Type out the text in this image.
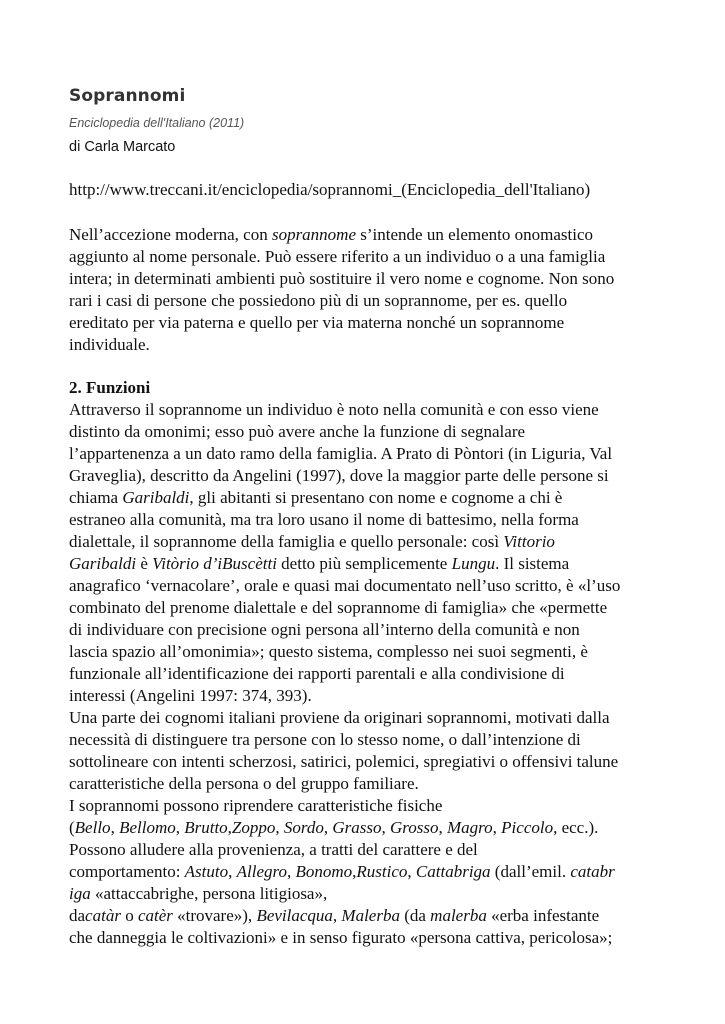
Soprannomi
Enciclopedia dell'Italiano (2011)
di Carla Marcato
http://www.treccani.it/enciclopedia/soprannomi_(Enciclopedia_dell'Italiano)
Nell’accezione moderna, con soprannome s’intende un elemento onomastico
aggiunto al nome personale. Può essere riferito a un individuo o a una famiglia
intera; in determinati ambienti può sostituire il vero nome e cognome. Non sono
rari i casi di persone che possiedono più di un soprannome, per es. quello
ereditato per via paterna e quello per via materna nonché un soprannome
individuale.
2. Funzioni
Attraverso il soprannome un individuo è noto nella comunità e con esso viene
distinto da omonimi; esso può avere anche la funzione di segnalare
l’appartenenza a un dato ramo della famiglia. A Prato di Pòntori (in Liguria, Val
Graveglia), descritto da Angelini (1997), dove la maggior parte delle persone si
chiama Garibaldi, gli abitanti si presentano con nome e cognome a chi è
estraneo alla comunità, ma tra loro usano il nome di battesimo, nella forma
dialettale, il soprannome della famiglia e quello personale: così Vittorio
Garibaldi è Vitòrio d’iBuscètti detto più semplicemente Lungu. Il sistema
anagrafico ‘vernacolare’, orale e quasi mai documentato nell’uso scritto, è «l’uso
combinato del prenome dialettale e del soprannome di famiglia» che «permette
di individuare con precisione ogni persona all’interno della comunità e non
lascia spazio all’omonimia»; questo sistema, complesso nei suoi segmenti, è
funzionale all’identificazione dei rapporti parentali e alla condivisione di
interessi (Angelini 1997: 374, 393).
Una parte dei cognomi italiani proviene da originari soprannomi, motivati dalla
necessità di distinguere tra persone con lo stesso nome, o dall’intenzione di
sottolineare con intenti scherzosi, satirici, polemici, spregiativi o offensivi talune
caratteristiche della persona o del gruppo familiare.
I soprannomi possono riprendere caratteristiche fisiche
(Bello, Bellomo, Brutto,Zoppo, Sordo, Grasso, Grosso, Magro, Piccolo, ecc.).
Possono alludere alla provenienza, a tratti del carattere e del
comportamento: Astuto, Allegro, Bonomo,Rustico, Cattabriga (dall’emil. catabr
iga «attaccabrighe, persona litigiosa»,
dacatàr o catèr «trovare»), Bevilacqua, Malerba (da malerba «erba infestante
che danneggia le coltivazioni» e in senso figurato «persona cattiva, pericolosa»;
